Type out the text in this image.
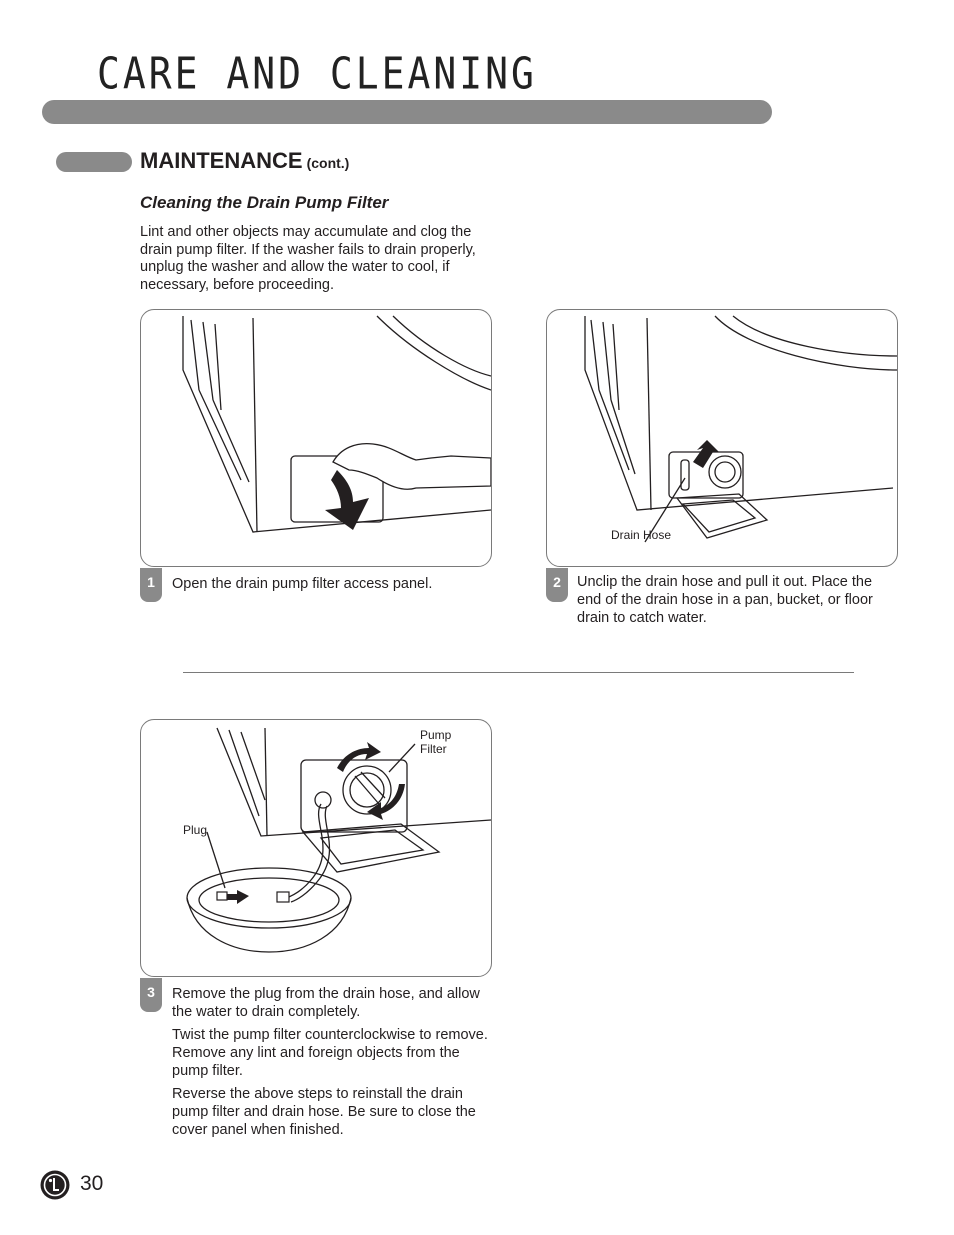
CARE AND CLEANING
MAINTENANCE (cont.)
Cleaning the Drain Pump Filter
Lint and other objects may accumulate and clog the drain pump filter. If the washer fails to drain properly, unplug the washer and allow the water to cool, if necessary, before proceeding.
1	Open the drain pump filter access panel.

Drain Hose
2	Unclip the drain hose and pull it out. Place the end of the drain hose in a pan, bucket, or floor drain to catch water.

Pump Filter
Plug
3	Remove the plug from the drain hose, and allow the water to drain completely.

Twist the pump filter counterclockwise to remove. Remove any lint and foreign objects from the pump filter.

Reverse the above steps to reinstall the drain pump filter and drain hose. Be sure to close the cover panel when finished.

30
